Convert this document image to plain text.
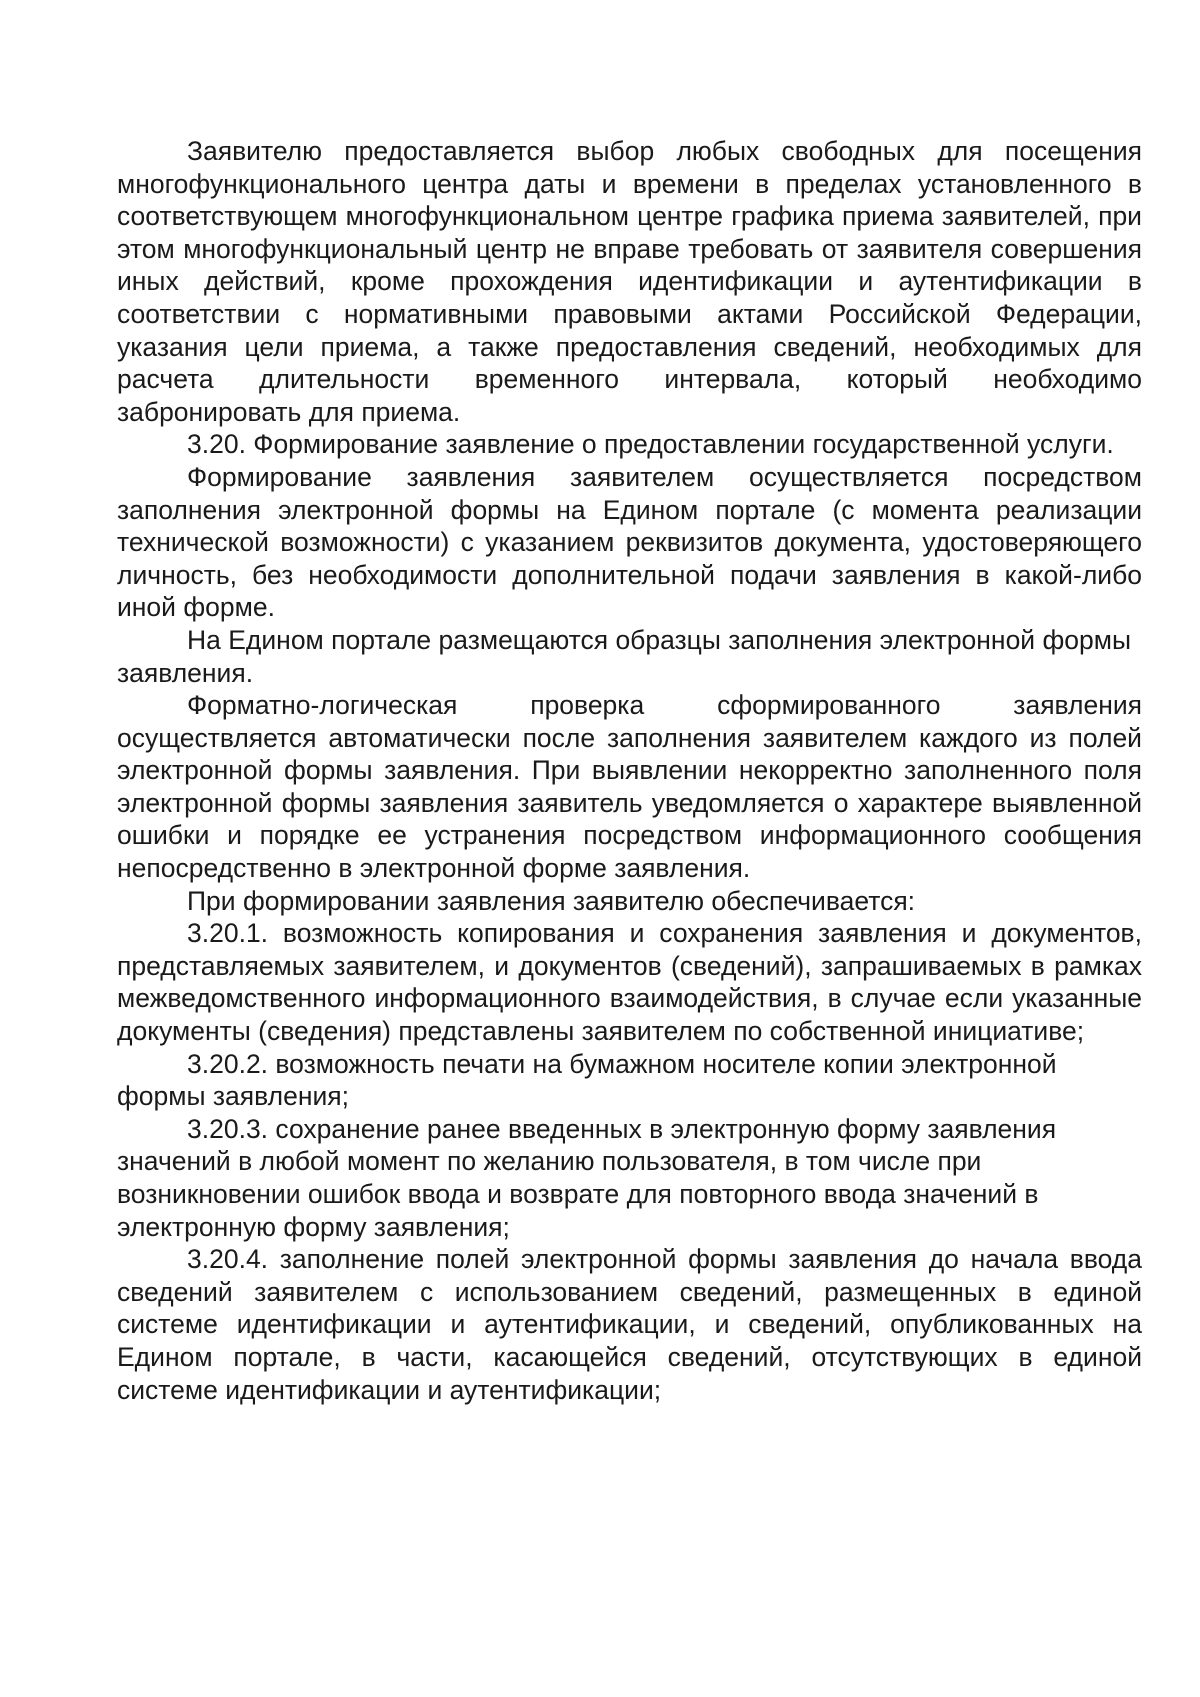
Заявителю предоставляется выбор любых свободных для посещения многофункционального центра даты и времени в пределах установленного в соответствующем многофункциональном центре графика приема заявителей, при этом многофункциональный центр не вправе требовать от заявителя совершения иных действий, кроме прохождения идентификации и аутентификации в соответствии с нормативными правовыми актами Российской Федерации, указания цели приема, а также предоставления сведений, необходимых для расчета длительности временного интервала, который необходимо забронировать для приема.

3.20. Формирование заявление о предоставлении государственной услуги.

Формирование заявления заявителем осуществляется посредством заполнения электронной формы на Едином портале (с момента реализации технической возможности) с указанием реквизитов документа, удостоверяющего личность, без необходимости дополнительной подачи заявления в какой-либо иной форме.

На Едином портале размещаются образцы заполнения электронной формы заявления.

Форматно-логическая проверка сформированного заявления осуществляется автоматически после заполнения заявителем каждого из полей электронной формы заявления. При выявлении некорректно заполненного поля электронной формы заявления заявитель уведомляется о характере выявленной ошибки и порядке ее устранения посредством информационного сообщения непосредственно в электронной форме заявления.

При формировании заявления заявителю обеспечивается:

3.20.1. возможность копирования и сохранения заявления и документов, представляемых заявителем, и документов (сведений), запрашиваемых в рамках межведомственного информационного взаимодействия, в случае если указанные документы (сведения) представлены заявителем по собственной инициативе;

3.20.2. возможность печати на бумажном носителе копии электронной формы заявления;

3.20.3. сохранение ранее введенных в электронную форму заявления значений в любой момент по желанию пользователя, в том числе при возникновении ошибок ввода и возврате для повторного ввода значений в электронную форму заявления;

3.20.4. заполнение полей электронной формы заявления до начала ввода сведений заявителем с использованием сведений, размещенных в единой системе идентификации и аутентификации, и сведений, опубликованных на Едином портале, в части, касающейся сведений, отсутствующих в единой системе идентификации и аутентификации;
